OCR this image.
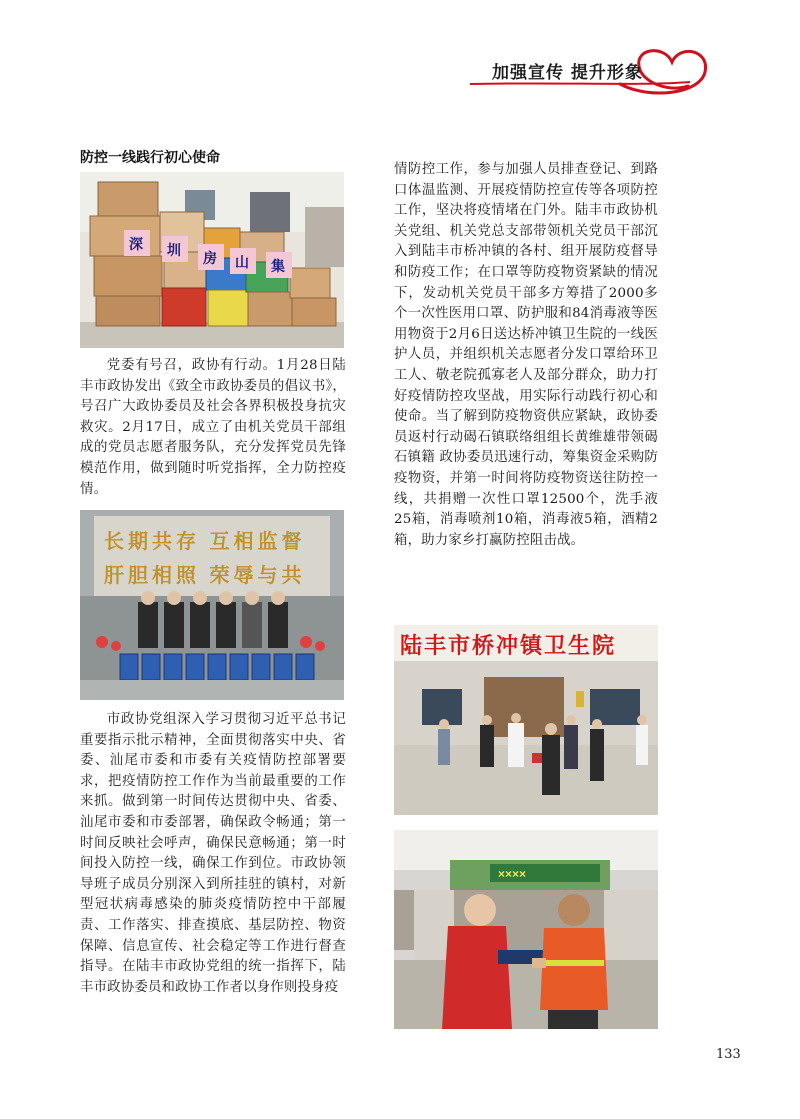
加强宣传 提升形象
防控一线践行初心使命
深 圳 房 山 集

党委有号召，政协有行动。1月28日陆丰市政协发出《致全市政协委员的倡议书》，号召广大政协委员及社会各界积极投身抗灾救灾。2月17日，成立了由机关党员干部组成的党员志愿者服务队，充分发挥党员先锋模范作用，做到随时听党指挥，全力防控疫情。

长期共存 互相监督
肝胆相照 荣辱与共

市政协党组深入学习贯彻习近平总书记重要指示批示精神，全面贯彻落实中央、省委、汕尾市委和市委有关疫情防控部署要求，把疫情防控工作作为当前最重要的工作来抓。做到第一时间传达贯彻中央、省委、汕尾市委和市委部署，确保政令畅通；第一时间反映社会呼声，确保民意畅通；第一时间投入防控一线，确保工作到位。市政协领导班子成员分别深入到所挂驻的镇村，对新型冠状病毒感染的肺炎疫情防控中干部履责、工作落实、排查摸底、基层防控、物资保障、信息宣传、社会稳定等工作进行督查指导。在陆丰市政协党组的统一指挥下，陆丰市政协委员和政协工作者以身作则投身疫

情防控工作，参与加强人员排查登记、到路口体温监测、开展疫情防控宣传等各项防控工作，坚决将疫情堵在门外。陆丰市政协机关党组、机关党总支部带领机关党员干部沉入到陆丰市桥冲镇的各村、组开展防疫督导和防疫工作；在口罩等防疫物资紧缺的情况下，发动机关党员干部多方筹措了2000多个一次性医用口罩、防护服和84消毒液等医用物资于2月6日送达桥冲镇卫生院的一线医护人员，并组织机关志愿者分发口罩给环卫工人、敬老院孤寡老人及部分群众，助力打好疫情防控攻坚战，用实际行动践行初心和使命。当了解到防疫物资供应紧缺，政协委员返村行动碣石镇联络组组长黄维雄带领碣石镇籍 政协委员迅速行动，筹集资金采购防疫物资，并第一时间将防疫物资送往防控一线，共捐赠一次性口罩12500个，洗手液25箱，消毒喷剂10箱，消毒液5箱，酒精2箱，助力家乡打赢防控阻击战。

陆丰市桥冲镇卫生院
××××
133
